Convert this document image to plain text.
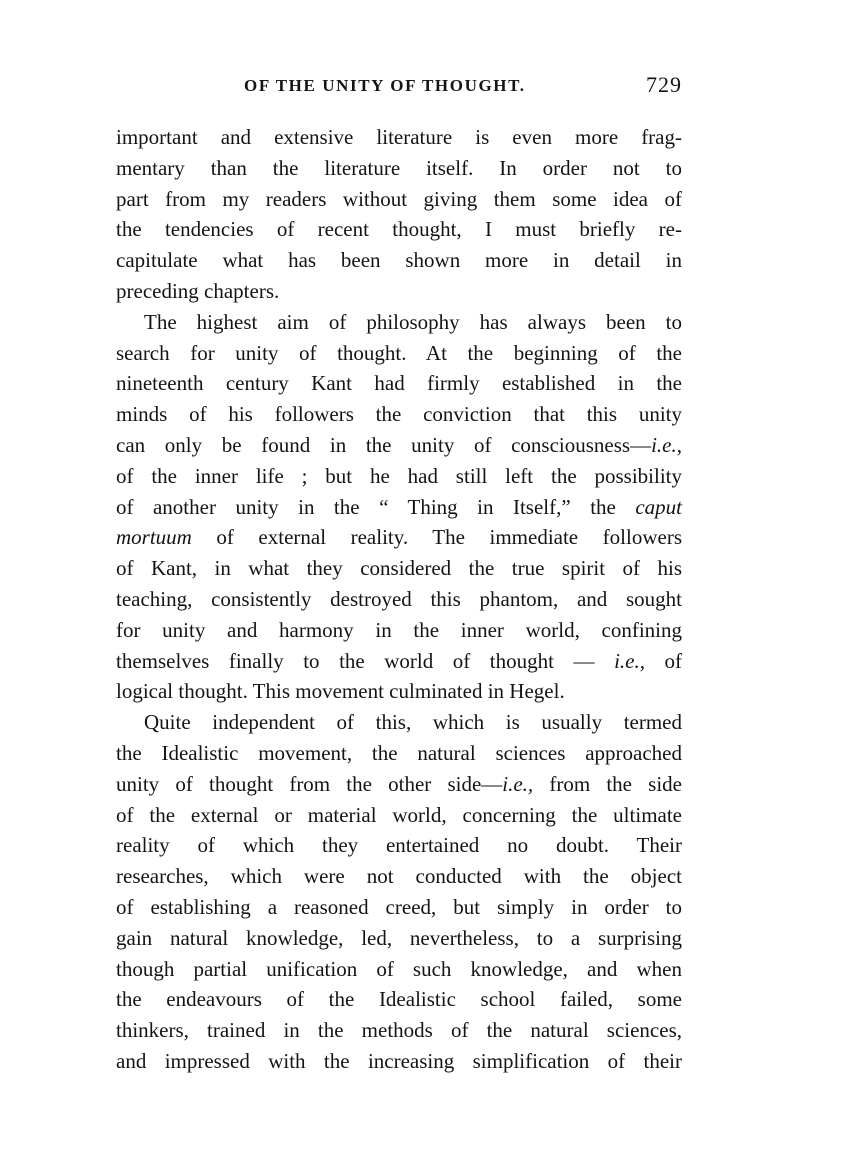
OF THE UNITY OF THOUGHT.	729

important and extensive literature is even more frag-
mentary than the literature itself. In order not to
part from my readers without giving them some idea of
the tendencies of recent thought, I must briefly re-
capitulate what has been shown more in detail in
preceding chapters.

The highest aim of philosophy has always been to
search for unity of thought. At the beginning of the
nineteenth century Kant had firmly established in the
minds of his followers the conviction that this unity
can only be found in the unity of consciousness—i.e.,
of the inner life ; but he had still left the possibility
of another unity in the “ Thing in Itself,” the caput
mortuum of external reality. The immediate followers
of Kant, in what they considered the true spirit of his
teaching, consistently destroyed this phantom, and sought
for unity and harmony in the inner world, confining
themselves finally to the world of thought — i.e., of
logical thought. This movement culminated in Hegel.

Quite independent of this, which is usually termed
the Idealistic movement, the natural sciences approached
unity of thought from the other side—i.e., from the side
of the external or material world, concerning the ultimate
reality of which they entertained no doubt. Their
researches, which were not conducted with the object
of establishing a reasoned creed, but simply in order to
gain natural knowledge, led, nevertheless, to a surprising
though partial unification of such knowledge, and when
the endeavours of the Idealistic school failed, some
thinkers, trained in the methods of the natural sciences,
and impressed with the increasing simplification of their
